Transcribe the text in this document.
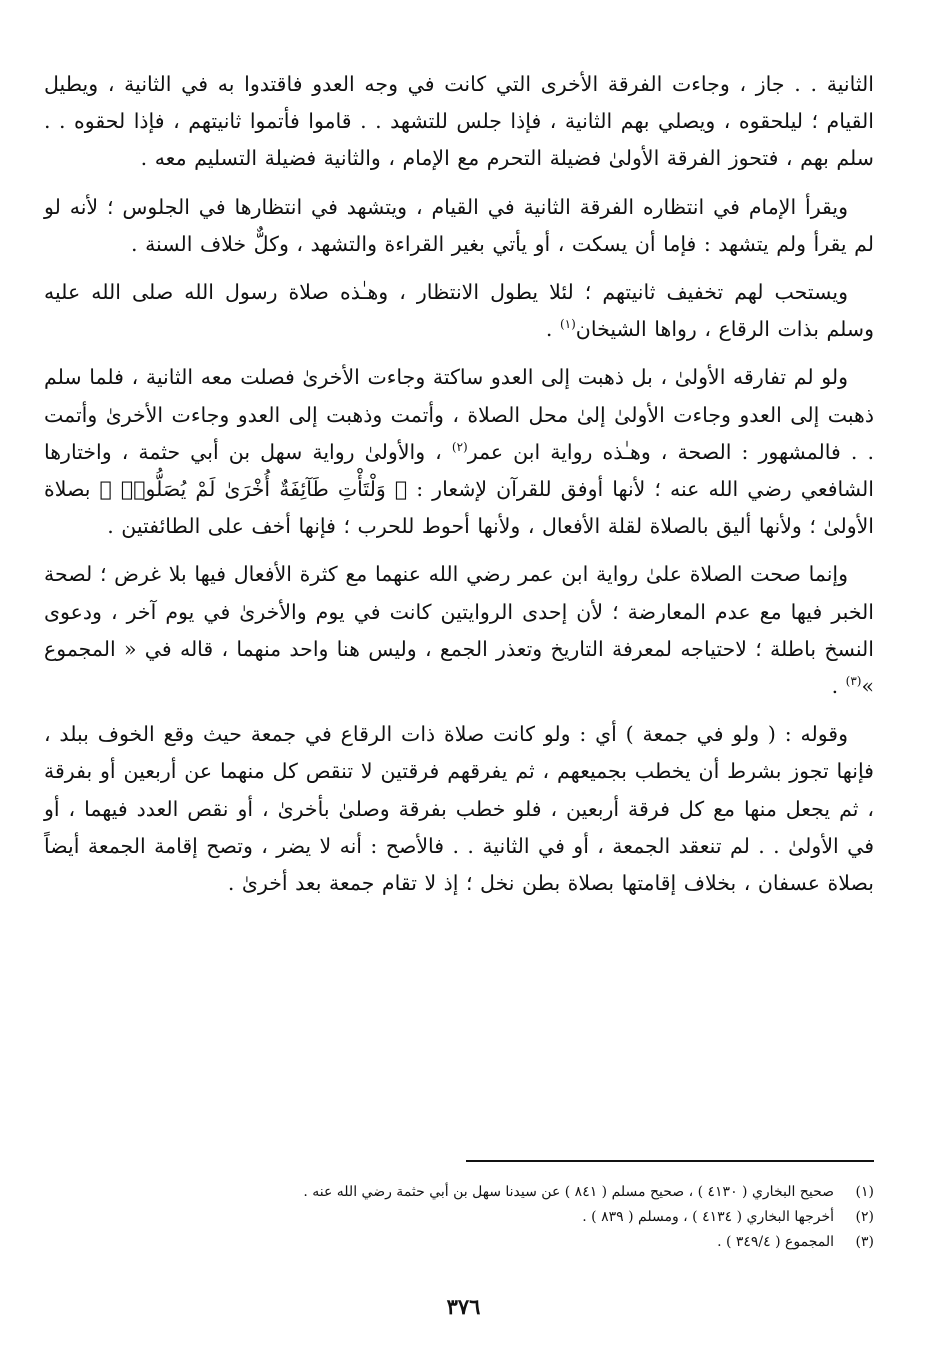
الثانية . . جاز ، وجاءت الفرقة الأخرى التي كانت في وجه العدو فاقتدوا به في الثانية ، ويطيل القيام ؛ ليلحقوه ، ويصلي بهم الثانية ، فإذا جلس للتشهد . . قاموا فأتموا ثانيتهم ، فإذا لحقوه . . سلم بهم ، فتحوز الفرقة الأولىٰ فضيلة التحرم مع الإمام ، والثانية فضيلة التسليم معه .

ويقرأ الإمام في انتظاره الفرقة الثانية في القيام ، ويتشهد في انتظارها في الجلوس ؛ لأنه لو لم يقرأ ولم يتشهد : فإما أن يسكت ، أو يأتي بغير القراءة والتشهد ، وكلٌّ خلاف السنة .

ويستحب لهم تخفيف ثانيتهم ؛ لئلا يطول الانتظار ، وهـٰذه صلاة رسول الله صلى الله عليه وسلم بذات الرقاع ، رواها الشيخان$^{(١)}$ .

ولو لم تفارقه الأولىٰ ، بل ذهبت إلى العدو ساكتة وجاءت الأخرىٰ فصلت معه الثانية ، فلما سلم ذهبت إلى العدو وجاءت الأولىٰ إلىٰ محل الصلاة ، وأتمت وذهبت إلى العدو وجاءت الأخرىٰ وأتمت . . فالمشهور : الصحة ، وهـٰذه رواية ابن عمر$^{(٢)}$ ، والأولىٰ رواية سهل بن أبي حثمة ، واختارها الشافعي رضي الله عنه ؛ لأنها أوفق للقرآن لإشعار : ﴿ وَلْتَأْتِ طَآئِفَةٌ أُخْرَىٰ لَمْ يُصَلُّوا۟ ﴾ بصلاة الأولىٰ ؛ ولأنها أليق بالصلاة لقلة الأفعال ، ولأنها أحوط للحرب ؛ فإنها أخف على الطائفتين .

وإنما صحت الصلاة علىٰ رواية ابن عمر رضي الله عنهما مع كثرة الأفعال فيها بلا غرض ؛ لصحة الخبر فيها مع عدم المعارضة ؛ لأن إحدى الروايتين كانت في يوم والأخرىٰ في يوم آخر ، ودعوى النسخ باطلة ؛ لاحتياجه لمعرفة التاريخ وتعذر الجمع ، وليس هنا واحد منهما ، قاله في « المجموع »$^{(٣)}$ .

وقوله : ( ولو في جمعة ) أي : ولو كانت صلاة ذات الرقاع في جمعة حيث وقع الخوف ببلد ، فإنها تجوز بشرط أن يخطب بجميعهم ، ثم يفرقهم فرقتين لا تنقص كل منهما عن أربعين أو بفرقة ، ثم يجعل منها مع كل فرقة أربعين ، فلو خطب بفرقة وصلىٰ بأخرىٰ ، أو نقص العدد فيهما ، أو في الأولىٰ . . لم تنعقد الجمعة ، أو في الثانية . . فالأصح : أنه لا يضر ، وتصح إقامة الجمعة أيضاً بصلاة عسفان ، بخلاف إقامتها بصلاة بطن نخل ؛ إذ لا تقام جمعة بعد أخرىٰ .

(١)
صحيح البخاري ( ٤١٣٠ ) ، صحيح مسلم ( ٨٤١ ) عن سيدنا سهل بن أبي حثمة رضي الله عنه .
(٢)
أخرجها البخاري ( ٤١٣٤ ) ، ومسلم ( ٨٣٩ ) .
(٣)
المجموع ( ٣٤٩/٤ ) .
٣٧٦
